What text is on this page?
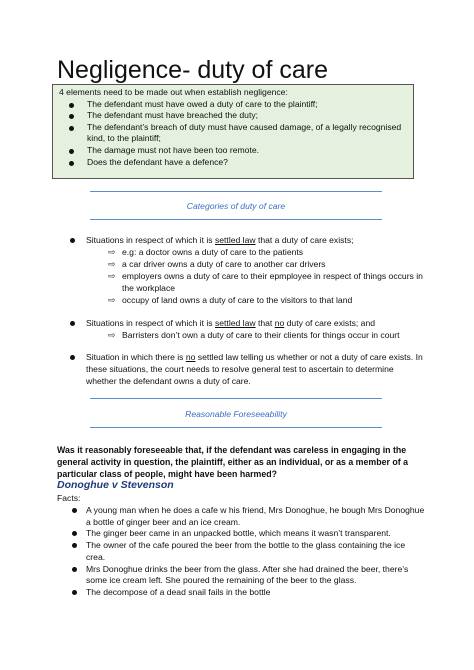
Negligence- duty of care
4 elements need to be made out when establish negligence:
The defendant must have owed a duty of care to the plaintiff;
The defendant must have breached the duty;
The defendant’s breach of duty must have caused damage, of a legally recognised kind, to the plaintiff;
The damage must not have been too remote.
Does the defendant have a defence?
Categories of duty of care
Situations in respect of which it is settled law that a duty of care exists;
⇨ e.g: a doctor owns a duty of care to the patients
⇨ a car driver owns a duty of care to another car drivers
⇨ employers owns a duty of care to their epmployee in respect of things occurs in the workplace
⇨ occupy of land owns a duty of care to the visitors to that land
Situations in respect of which it is settled law that no duty of care exists; and
⇨ Barristers don’t own a duty of care to their clients for things occur in court
Situation in which there is no settled law telling us whether or not a duty of care exists. In these situations, the court needs to resolve general test to ascertain to determine whether the defendant owns a duty of care.
Reasonable Foreseeability
Was it reasonably foreseeable that, if the defendant was careless in engaging in the general activity in question, the plaintiff, either as an individual, or as a member of a particular class of people, might have been harmed?
Donoghue v Stevenson
Facts:
A young man when he does a cafe w his friend, Mrs Donoghue, he bough Mrs Donoghue a bottle of ginger beer and an ice cream.
The ginger beer came in an unpacked bottle, which means it wasn’t transparent.
The owner of the cafe poured the beer from the bottle to the glass containing the ice crea.
Mrs Donoghue drinks the beer from the glass. After she had drained the beer, there’s some ice cream left. She poured the remaining of the beer to the glass.
The decompose of a dead snail fails in the bottle
